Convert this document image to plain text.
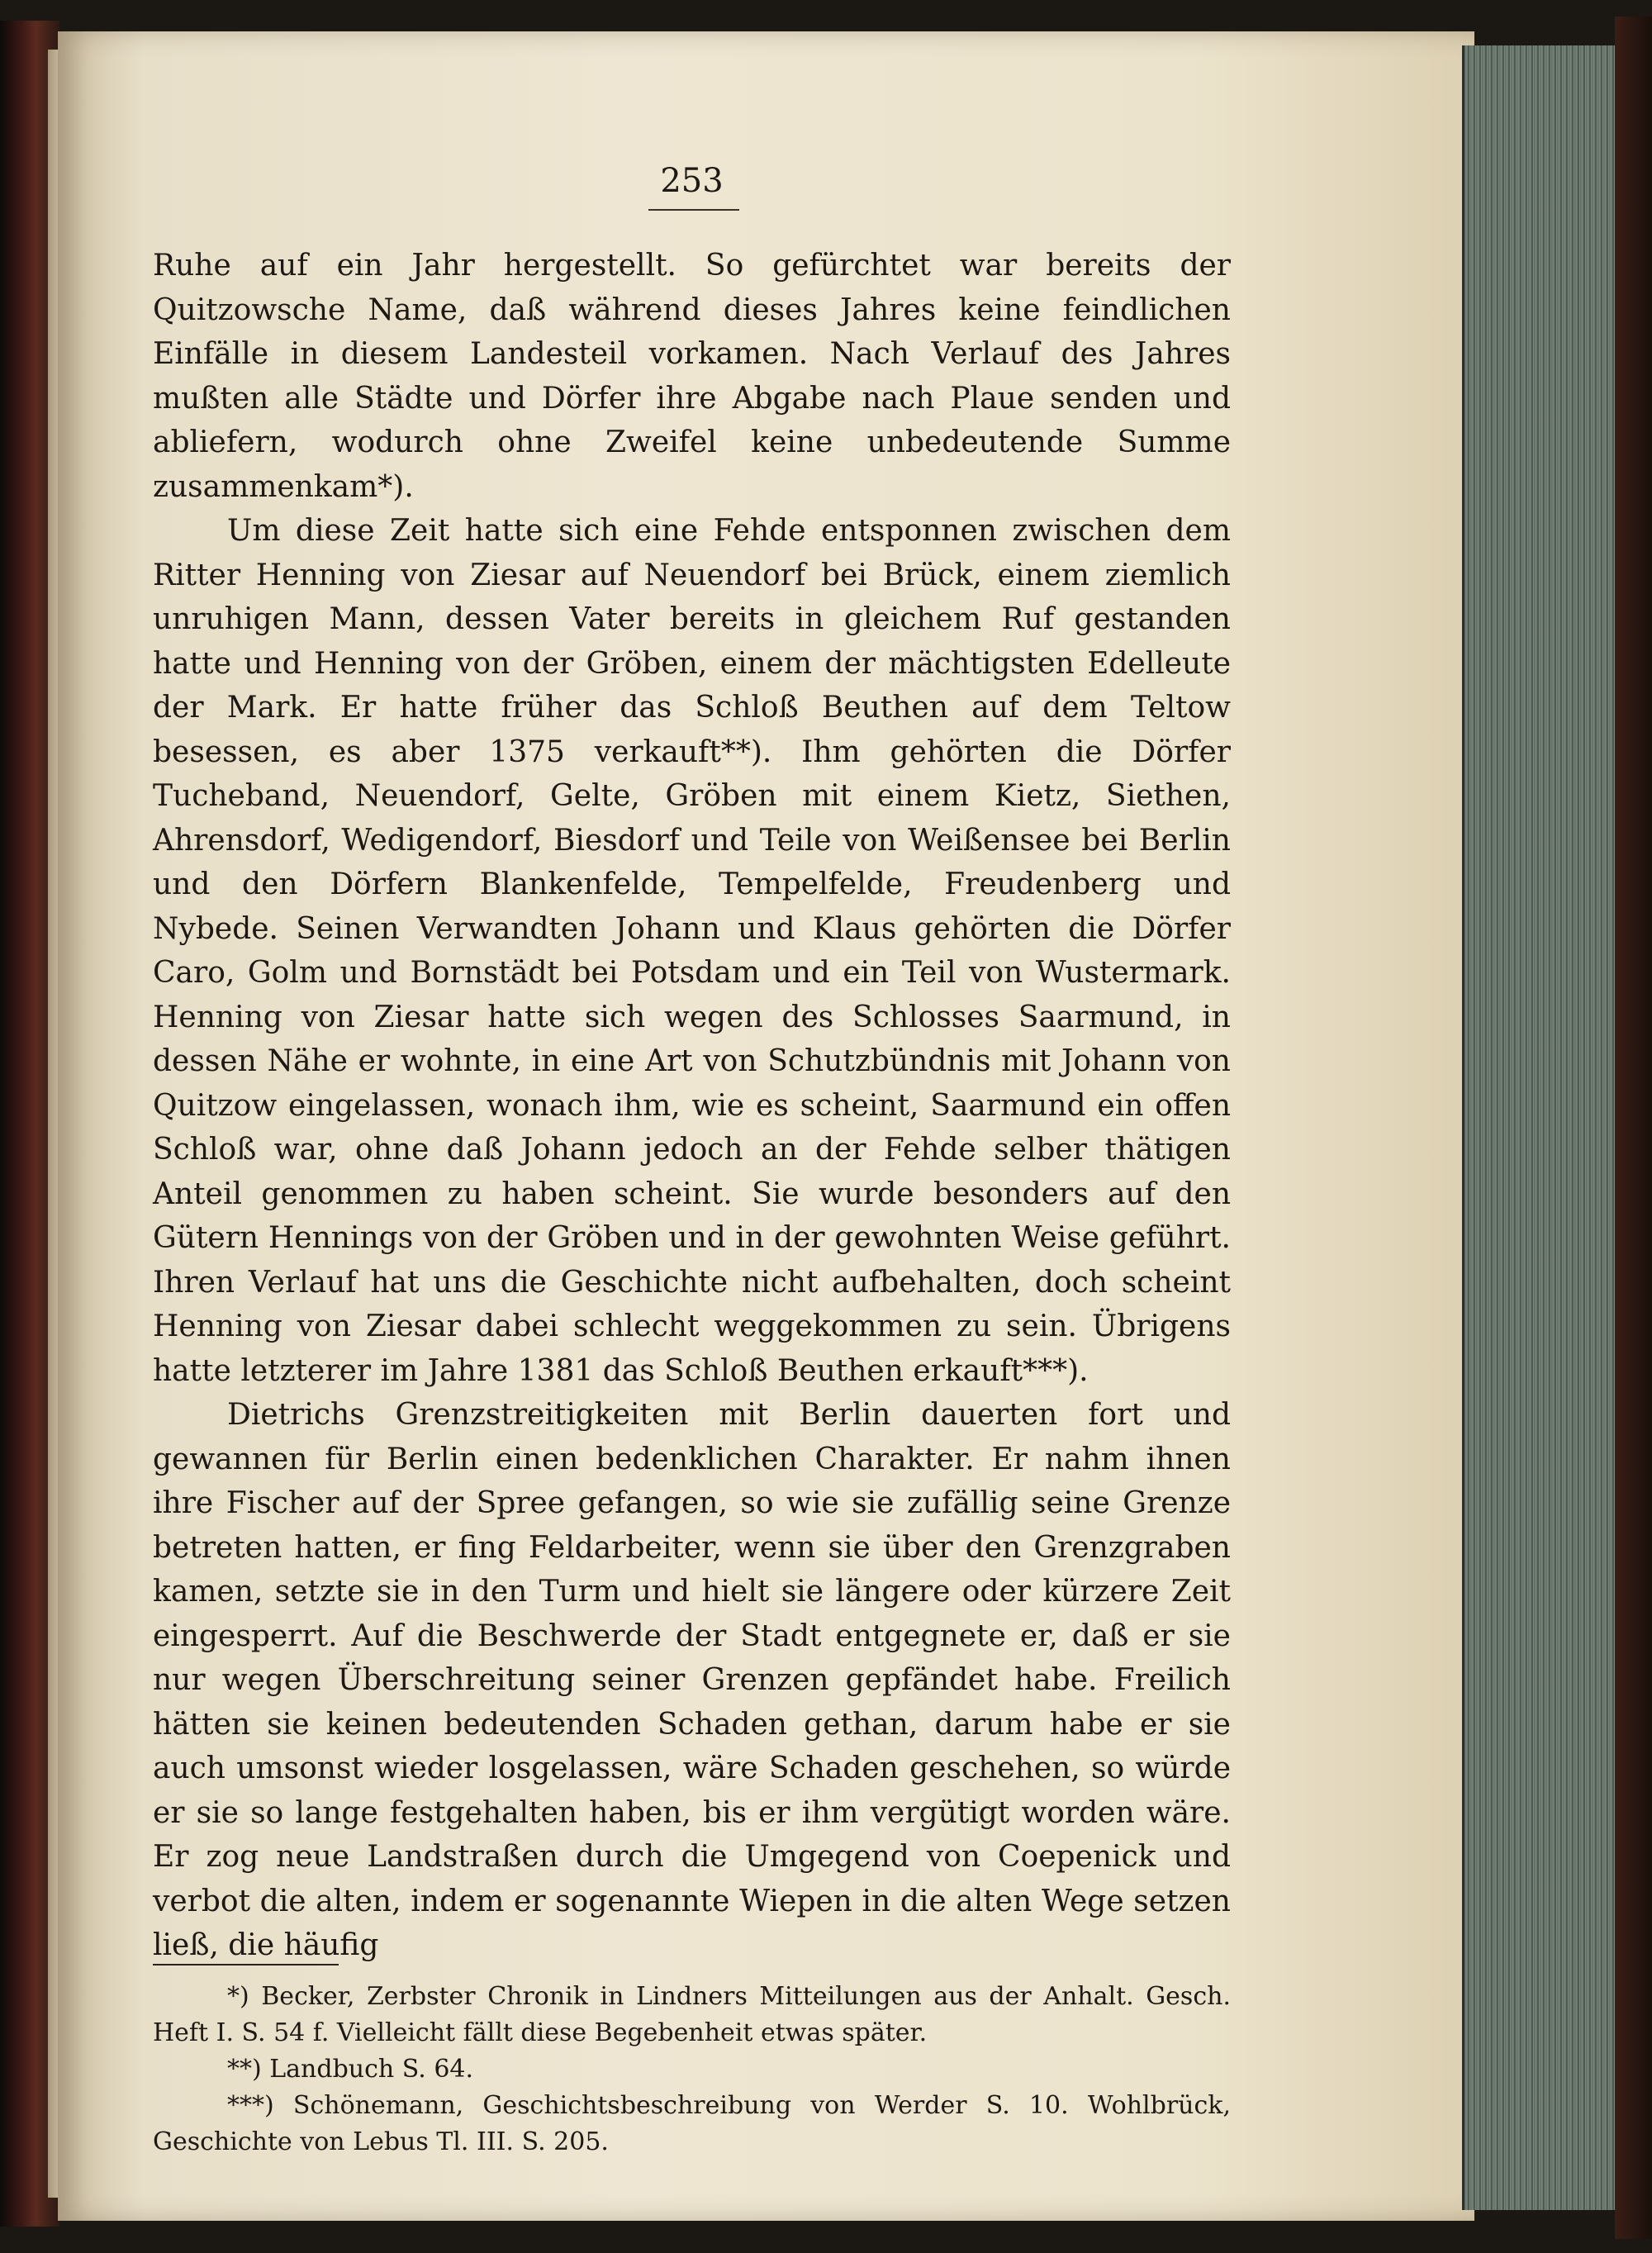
253

Ruhe auf ein Jahr hergestellt. So gefürchtet war bereits der Quitzowsche Name, daß während dieses Jahres keine feindlichen Einfälle in diesem Landesteil vorkamen. Nach Verlauf des Jahres mußten alle Städte und Dörfer ihre Abgabe nach Plaue senden und abliefern, wodurch ohne Zweifel keine unbedeutende Summe zusammenkam*).

Um diese Zeit hatte sich eine Fehde entsponnen zwischen dem Ritter Henning von Ziesar auf Neuendorf bei Brück, einem ziemlich unruhigen Mann, dessen Vater bereits in gleichem Ruf gestanden hatte und Henning von der Gröben, einem der mächtigsten Edelleute der Mark. Er hatte früher das Schloß Beuthen auf dem Teltow besessen, es aber 1375 verkauft**). Ihm gehörten die Dörfer Tucheband, Neuendorf, Gelte, Gröben mit einem Kietz, Siethen, Ahrensdorf, Wedigendorf, Biesdorf und Teile von Weißensee bei Berlin und den Dörfern Blankenfelde, Tempelfelde, Freudenberg und Nybede. Seinen Verwandten Johann und Klaus gehörten die Dörfer Caro, Golm und Bornstädt bei Potsdam und ein Teil von Wustermark. Henning von Ziesar hatte sich wegen des Schlosses Saarmund, in dessen Nähe er wohnte, in eine Art von Schutzbündnis mit Johann von Quitzow eingelassen, wonach ihm, wie es scheint, Saarmund ein offen Schloß war, ohne daß Johann jedoch an der Fehde selber thätigen Anteil genommen zu haben scheint. Sie wurde besonders auf den Gütern Hennings von der Gröben und in der gewohnten Weise geführt. Ihren Verlauf hat uns die Geschichte nicht aufbehalten, doch scheint Henning von Ziesar dabei schlecht weggekommen zu sein. Übrigens hatte letzterer im Jahre 1381 das Schloß Beuthen erkauft***).

Dietrichs Grenzstreitigkeiten mit Berlin dauerten fort und gewannen für Berlin einen bedenklichen Charakter. Er nahm ihnen ihre Fischer auf der Spree gefangen, so wie sie zufällig seine Grenze betreten hatten, er fing Feldarbeiter, wenn sie über den Grenzgraben kamen, setzte sie in den Turm und hielt sie längere oder kürzere Zeit eingesperrt. Auf die Beschwerde der Stadt entgegnete er, daß er sie nur wegen Überschreitung seiner Grenzen gepfändet habe. Freilich hätten sie keinen bedeutenden Schaden gethan, darum habe er sie auch umsonst wieder losgelassen, wäre Schaden geschehen, so würde er sie so lange festgehalten haben, bis er ihm vergütigt worden wäre. Er zog neue Landstraßen durch die Umgegend von Coepenick und verbot die alten, indem er sogenannte Wiepen in die alten Wege setzen ließ, die häufig

*) Becker, Zerbster Chronik in Lindners Mitteilungen aus der Anhalt. Gesch. Heft I. S. 54 f. Vielleicht fällt diese Begebenheit etwas später.

**) Landbuch S. 64.

***) Schönemann, Geschichtsbeschreibung von Werder S. 10. Wohlbrück, Geschichte von Lebus Tl. III. S. 205.
